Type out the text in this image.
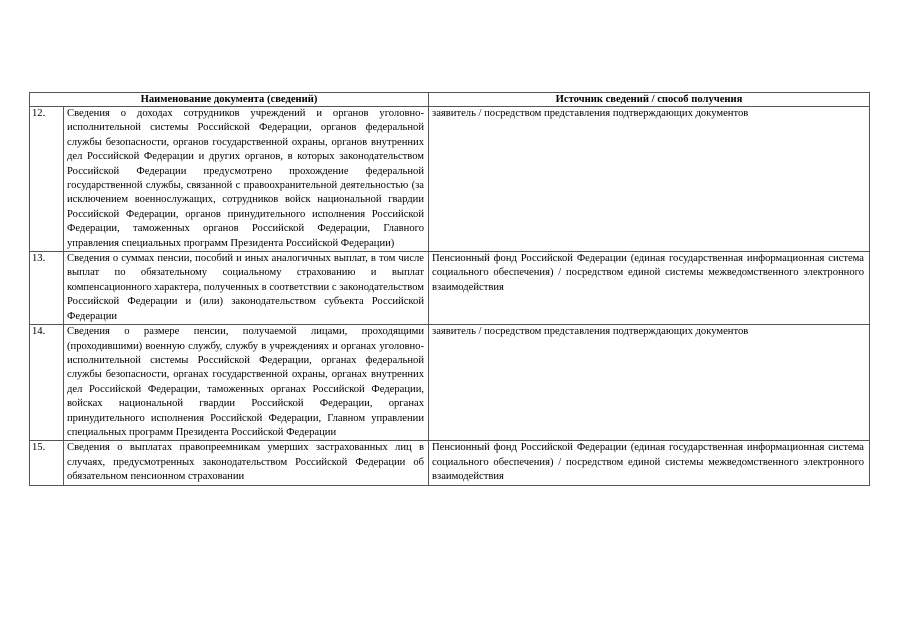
Наименование документа (сведений)		Источник сведений / способ получения
12.	Сведения о доходах сотрудников учреждений и органов уголовно-исполнительной системы Российской Федерации, органов федеральной службы безопасности, органов государственной охраны, органов внутренних дел Российской Федерации и других органов, в которых законодательством Российской Федерации предусмотрено прохождение федеральной государственной службы, связанной с правоохранительной деятельностью (за исключением военнослужащих, сотрудников войск национальной гвардии Российской Федерации, органов принудительного исполнения Российской Федерации, таможенных органов Российской Федерации, Главного управления специальных программ Президента Российской Федерации)	заявитель / посредством представления подтверждающих документов
13.	Сведения о суммах пенсии, пособий и иных аналогичных выплат, в том числе выплат по обязательному социальному страхованию и выплат компенсационного характера, полученных в соответствии с законодательством Российской Федерации и (или) законодательством субъекта Российской Федерации	Пенсионный фонд Российской Федерации (единая государственная информационная система социального обеспечения) / посредством единой системы межведомственного электронного взаимодействия
14.	Сведения о размере пенсии, получаемой лицами, проходящими (проходившими) военную службу, службу в учреждениях и органах уголовно-исполнительной системы Российской Федерации, органах федеральной службы безопасности, органах государственной охраны, органах внутренних дел Российской Федерации, таможенных органах Российской Федерации, войсках национальной гвардии Российской Федерации, органах принудительного исполнения Российской Федерации, Главном управлении специальных программ Президента Российской Федерации	заявитель / посредством представления подтверждающих документов
15.	Сведения о выплатах правопреемникам умерших застрахованных лиц в случаях, предусмотренных законодательством Российской Федерации об обязательном пенсионном страховании	Пенсионный фонд Российской Федерации (единая государственная информационная система социального обеспечения) / посредством единой системы межведомственного электронного взаимодействия
